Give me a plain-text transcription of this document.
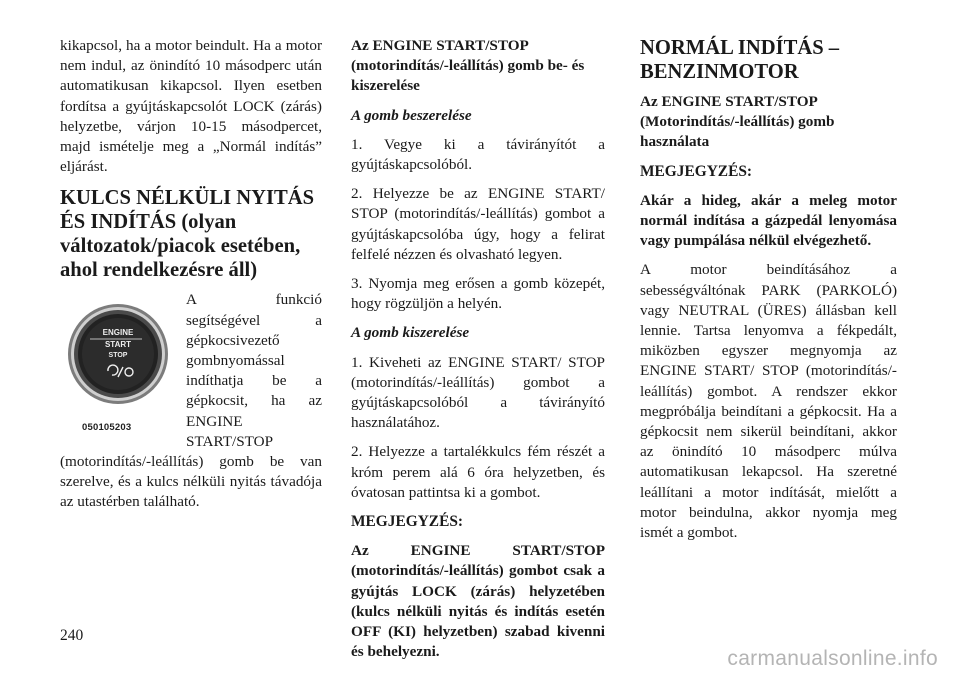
kikapcsol, ha a motor beindult. Ha a motor nem indul, az önindító 10 másodperc után automatikusan kikapcsol. Ilyen esetben fordítsa a gyújtáskapcsolót LOCK (zárás) helyzetbe, várjon 10-15 másodpercet, majd ismételje meg a „Normál indítás” eljárást.

KULCS NÉLKÜLI NYITÁS ÉS INDÍTÁS (olyan változatok/piacok esetében, ahol rendelkezésre áll)
ENGINE
START
STOP
050105203

A funkció segítségével a gépkocsivezető gombnyomással indíthatja be a gépkocsit, ha az ENGINE START/STOP (motorindítás/-leállítás) gomb be van szerelve, és a kulcs nélküli nyitás távadója az utastérben található.

Az ENGINE START/STOP (motorindítás/-leállítás) gomb be- és kiszerelése

A gomb beszerelése

1. Vegye ki a távirányítót a gyújtáskapcsolóból.

2. Helyezze be az ENGINE START/ STOP (motorindítás/-leállítás) gombot a gyújtáskapcsolóba úgy, hogy a felirat felfelé nézzen és olvasható legyen.

3. Nyomja meg erősen a gomb közepét, hogy rögzüljön a helyén.

A gomb kiszerelése

1. Kiveheti az ENGINE START/ STOP (motorindítás/-leállítás) gombot a gyújtáskapcsolóból a távirányító használatához.

2. Helyezze a tartalékkulcs fém részét a króm perem alá 6 óra helyzetben, és óvatosan pattintsa ki a gombot.

MEGJEGYZÉS:

Az ENGINE START/STOP (motorindítás/-leállítás) gombot csak a gyújtás LOCK (zárás) helyzetében (kulcs nélküli nyitás és indítás esetén OFF (KI) helyzetben) szabad kivenni és behelyezni.

NORMÁL INDÍTÁS – BENZINMOTOR
Az ENGINE START/STOP (Motorindítás/-leállítás) gomb használata

MEGJEGYZÉS:

Akár a hideg, akár a meleg motor normál indítása a gázpedál lenyomása vagy pumpálása nélkül elvégezhető.

A motor beindításához a sebességváltónak PARK (PARKOLÓ) vagy NEUTRAL (ÜRES) állásban kell lennie. Tartsa lenyomva a fékpedált, miközben egyszer megnyomja az ENGINE START/ STOP (motorindítás/-leállítás) gombot. A rendszer ekkor megpróbálja beindítani a gépkocsit. Ha a gépkocsit nem sikerül beindítani, akkor az önindító 10 másodperc múlva automatikusan lekapcsol. Ha szeretné leállítani a motor indítását, mielőtt a motor beindulna, akkor nyomja meg ismét a gombot.

240
carmanualsonline.info
